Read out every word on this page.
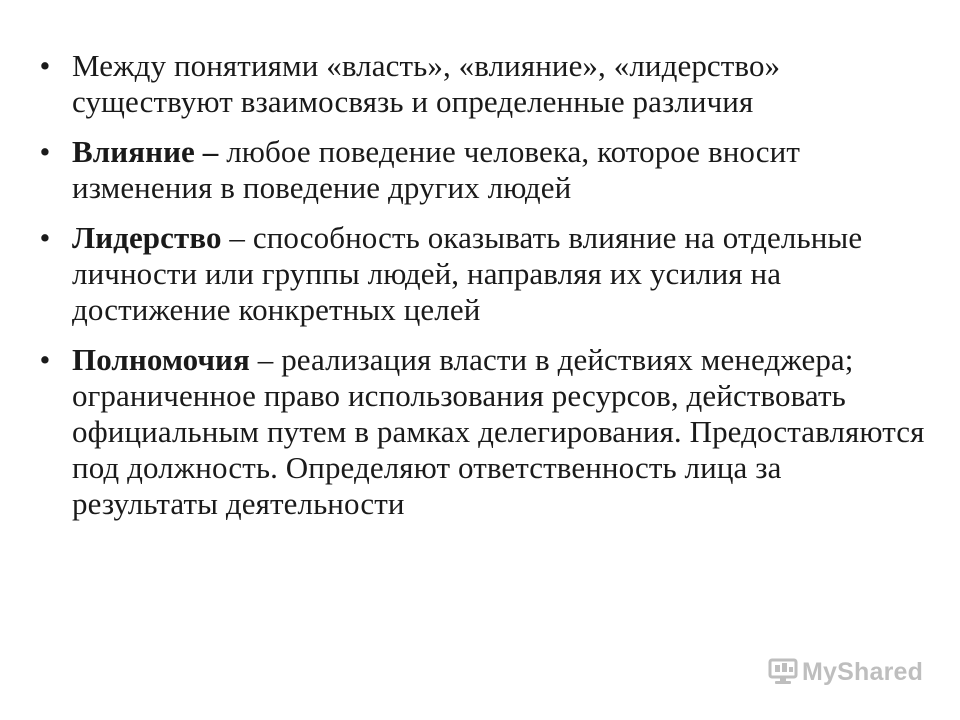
• Между понятиями «власть», «влияние», «лидерство» существуют взаимосвязь и определенные различия
• Влияние – любое поведение человека, которое вносит изменения в поведение других людей
• Лидерство – способность оказывать влияние на отдельные личности или группы людей, направляя их усилия на достижение конкретных целей
• Полномочия – реализация власти в действиях менеджера; ограниченное право использования ресурсов, действовать официальным путем в рамках делегирования. Предоставляются под должность. Определяют ответственность лица за результаты деятельности
MyShared
